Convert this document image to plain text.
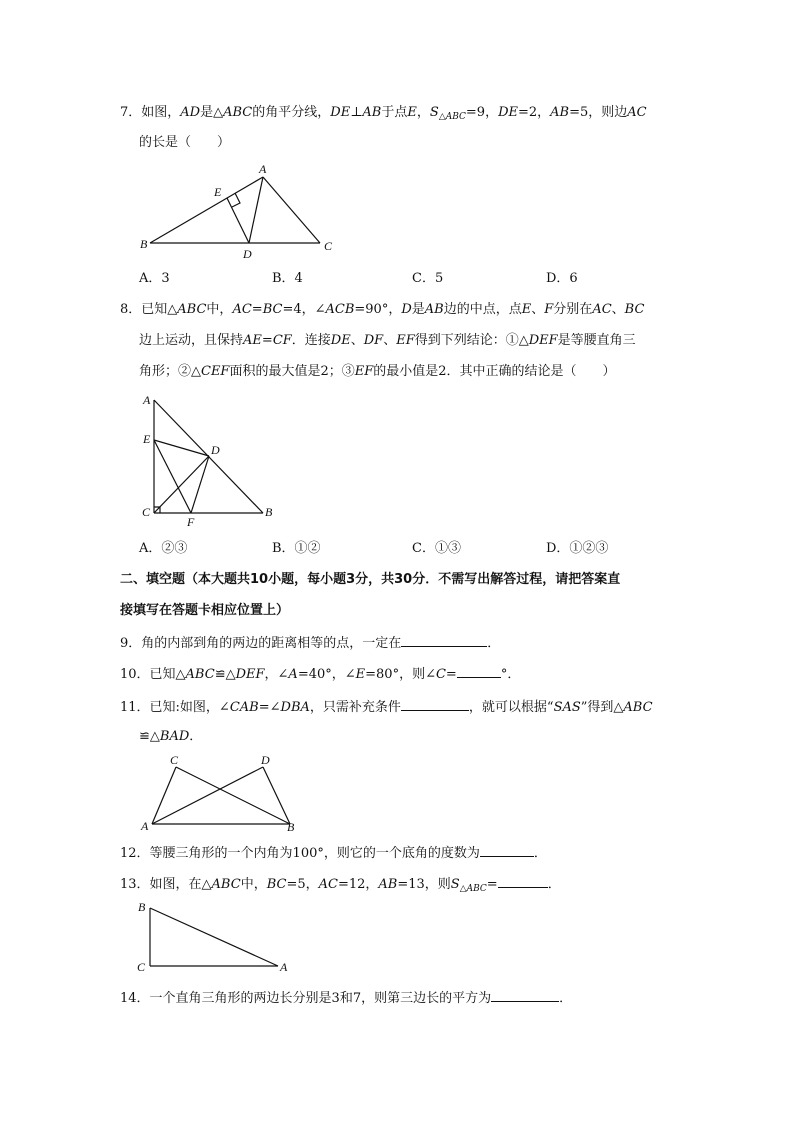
7．如图，AD是△ABC的角平分线，DE⊥AB于点E，$S_{\triangle ABC}=9$，DE=2，AB=5，则边AC
的长是（　　）
A
B	C
D
E
A．3	B．4	C．5	D．6
8．已知△ABC中，AC=BC=4，∠ACB=90°，D是AB边的中点，点E、F分别在AC、BC
边上运动，且保持AE=CF．连接DE、DF、EF得到下列结论：①△DEF是等腰直角三
角形；②△CEF面积的最大值是2；③EF的最小值是2．其中正确的结论是（　　）
A
E
D
C
F
B
A．②③	B．①②	C．①③	D．①②③
二、填空题（本大题共10小题，每小题3分，共30分．不需写出解答过程，请把答案直
接填写在答题卡相应位置上）
9．角的内部到角的两边的距离相等的点，一定在	．
10．已知△ABC≌△DEF，∠A=40°，∠E=80°，则∠C=	°．
11．已知:如图，∠CAB=∠DBA，只需补充条件	，就可以根据“SAS”得到△ABC
≌△BAD．
C	D
A	B
12．等腰三角形的一个内角为100°，则它的一个底角的度数为	．
13．如图，在△ABC中，BC=5，AC=12，AB=13，则$S_{\triangle ABC}=$	．
B
C	A
14．一个直角三角形的两边长分别是3和7，则第三边长的平方为	．
